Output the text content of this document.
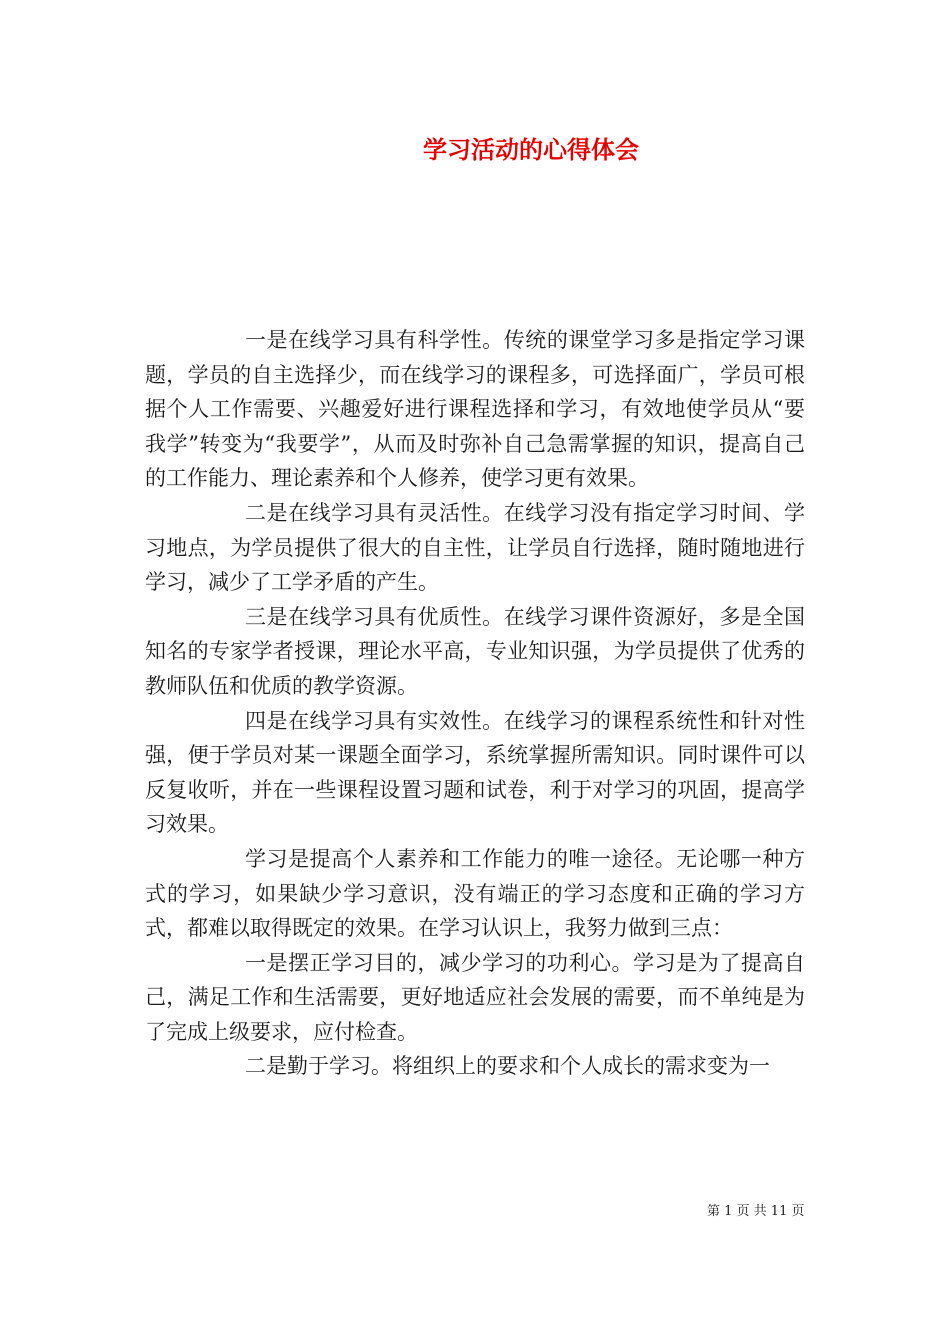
学习活动的心得体会

一是在线学习具有科学性。传统的课堂学习多是指定学习课题，学员的自主选择少，而在线学习的课程多，可选择面广，学员可根据个人工作需要、兴趣爱好进行课程选择和学习，有效地使学员从“要我学”转变为“我要学”，从而及时弥补自己急需掌握的知识，提高自己的工作能力、理论素养和个人修养，使学习更有效果。

二是在线学习具有灵活性。在线学习没有指定学习时间、学习地点，为学员提供了很大的自主性，让学员自行选择，随时随地进行学习，减少了工学矛盾的产生。

三是在线学习具有优质性。在线学习课件资源好，多是全国知名的专家学者授课，理论水平高，专业知识强，为学员提供了优秀的教师队伍和优质的教学资源。

四是在线学习具有实效性。在线学习的课程系统性和针对性强，便于学员对某一课题全面学习，系统掌握所需知识。同时课件可以反复收听，并在一些课程设置习题和试卷，利于对学习的巩固，提高学习效果。

学习是提高个人素养和工作能力的唯一途径。无论哪一种方式的学习，如果缺少学习意识，没有端正的学习态度和正确的学习方式，都难以取得既定的效果。在学习认识上，我努力做到三点：

一是摆正学习目的，减少学习的功利心。学习是为了提高自己，满足工作和生活需要，更好地适应社会发展的需要，而不单纯是为了完成上级要求，应付检查。

二是勤于学习。将组织上的要求和个人成长的需求变为一

第 1 页 共 11 页
